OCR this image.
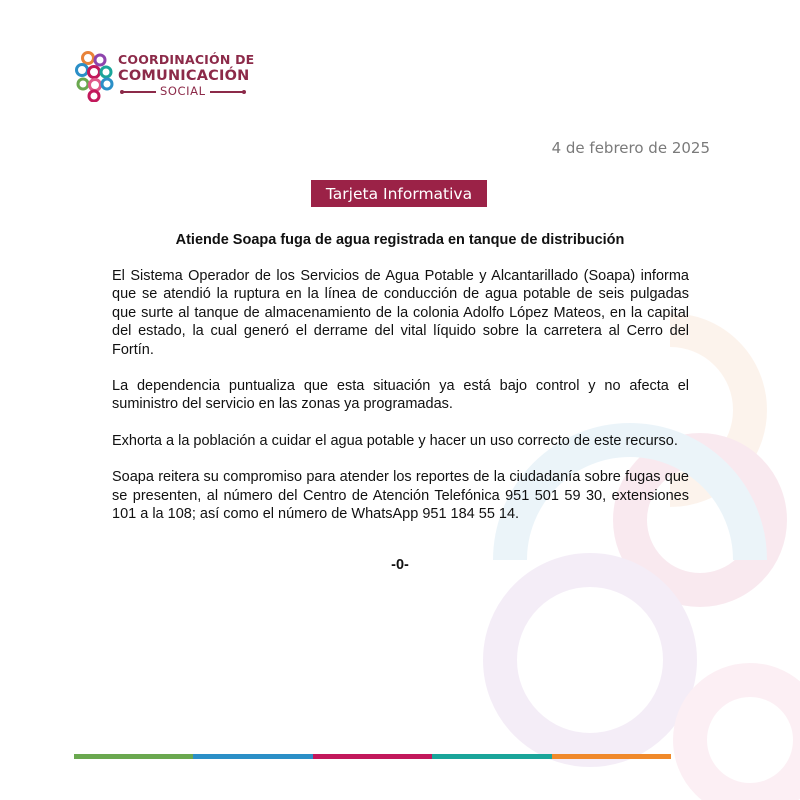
COORDINACIÓN DE
COMUNICACIÓN
SOCIAL
4 de febrero de 2025
Tarjeta Informativa
Atiende Soapa fuga de agua registrada en tanque de distribución

El Sistema Operador de los Servicios de Agua Potable y Alcantarillado (Soapa) informa que se atendió la ruptura en la línea de conducción de agua potable de seis pulgadas que surte al tanque de almacenamiento de la colonia Adolfo López Mateos, en la capital del estado, la cual generó el derrame del vital líquido sobre la carretera al Cerro del Fortín.

La dependencia puntualiza que esta situación ya está bajo control y no afecta el suministro del servicio en las zonas ya programadas.

Exhorta a la población a cuidar el agua potable y hacer un uso correcto de este recurso.

Soapa reitera su compromiso para atender los reportes de la ciudadanía sobre fugas que se presenten, al número del Centro de Atención Telefónica 951 501 59 30, extensiones 101 a la 108; así como el número de WhatsApp 951 184 55 14.

-0-
